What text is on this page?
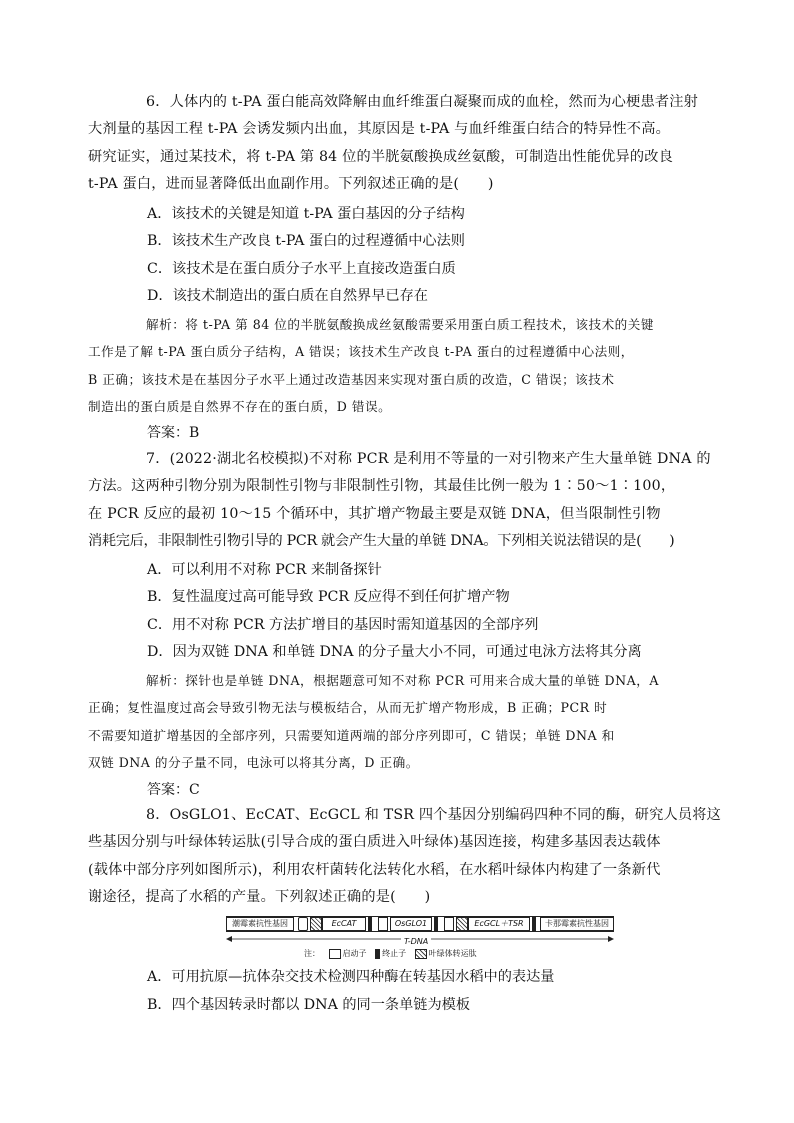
6．人体内的 t-PA 蛋白能高效降解由血纤维蛋白凝聚而成的血栓，然而为心梗患者注射
大剂量的基因工程 t-PA 会诱发频内出血，其原因是 t-PA 与血纤维蛋白结合的特异性不高。
研究证实，通过某技术，将 t-PA 第 84 位的半胱氨酸换成丝氨酸，可制造出性能优异的改良
t-PA 蛋白，进而显著降低出血副作用。下列叙述正确的是(　　)
A．该技术的关键是知道 t-PA 蛋白基因的分子结构
B．该技术生产改良 t-PA 蛋白的过程遵循中心法则
C．该技术是在蛋白质分子水平上直接改造蛋白质
D．该技术制造出的蛋白质在自然界早已存在
解析：将 t-PA 第 84 位的半胱氨酸换成丝氨酸需要采用蛋白质工程技术，该技术的关键
工作是了解 t-PA 蛋白质分子结构，A 错误；该技术生产改良 t-PA 蛋白的过程遵循中心法则，
B 正确；该技术是在基因分子水平上通过改造基因来实现对蛋白质的改造，C 错误；该技术
制造出的蛋白质是自然界不存在的蛋白质，D 错误。
答案：B
7．(2022·湖北名校模拟)不对称 PCR 是利用不等量的一对引物来产生大量单链 DNA 的
方法。这两种引物分别为限制性引物与非限制性引物，其最佳比例一般为 1∶50～1∶100，
在 PCR 反应的最初 10～15 个循环中，其扩增产物最主要是双链 DNA，但当限制性引物
消耗完后，非限制性引物引导的 PCR 就会产生大量的单链 DNA。下列相关说法错误的是(　　)
A．可以利用不对称 PCR 来制备探针
B．复性温度过高可能导致 PCR 反应得不到任何扩增产物
C．用不对称 PCR 方法扩增目的基因时需知道基因的全部序列
D．因为双链 DNA 和单链 DNA 的分子量大小不同，可通过电泳方法将其分离
解析：探针也是单链 DNA，根据题意可知不对称 PCR 可用来合成大量的单链 DNA，A
正确；复性温度过高会导致引物无法与模板结合，从而无扩增产物形成，B 正确；PCR 时
不需要知道扩增基因的全部序列，只需要知道两端的部分序列即可，C 错误；单链 DNA 和
双链 DNA 的分子量不同，电泳可以将其分离，D 正确。
答案：C
8．OsGLO1、EcCAT、EcGCL 和 TSR 四个基因分别编码四种不同的酶，研究人员将这
些基因分别与叶绿体转运肽(引导合成的蛋白质进入叶绿体)基因连接，构建多基因表达载体
(载体中部分序列如图所示)，利用农杆菌转化法转化水稻，在水稻叶绿体内构建了一条新代
谢途径，提高了水稻的产量。下列叙述正确的是(　　)
潮霉素抗性基因	EcCAT	OsGLO1	EcGCL＋TSR	卡那霉素抗性基因
T-DNA
注：	启动子 终止子	叶绿体转运肽
A．可用抗原—抗体杂交技术检测四种酶在转基因水稻中的表达量
B．四个基因转录时都以 DNA 的同一条单链为模板
